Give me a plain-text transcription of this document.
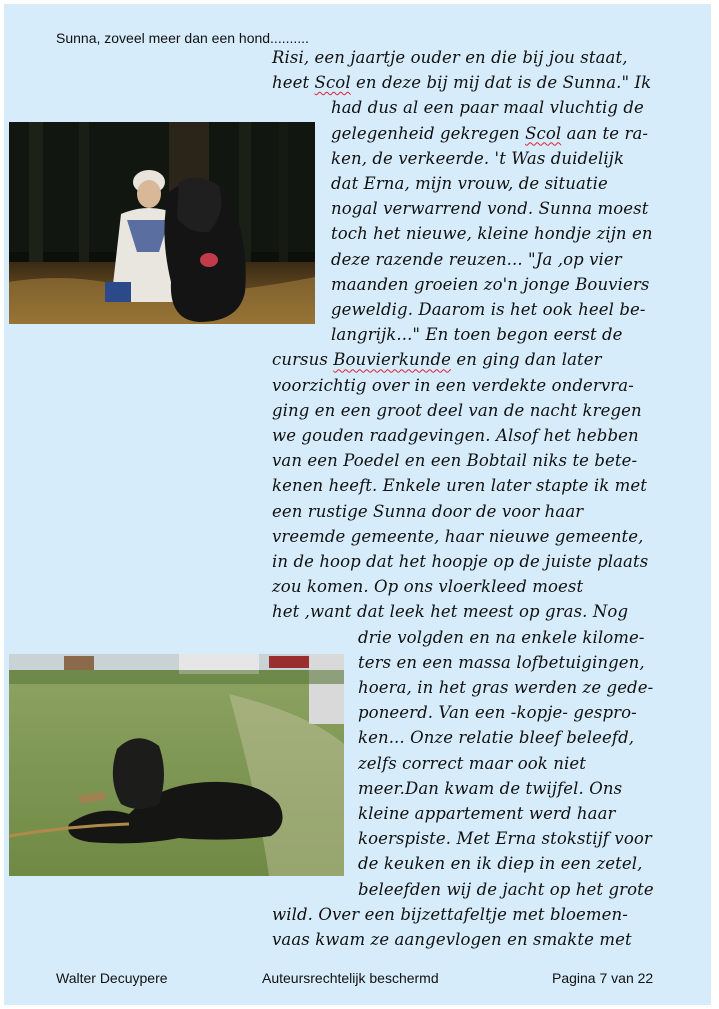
Sunna, zoveel meer dan een hond..........
Risi, een jaartje ouder en die bij jou staat,
heet Scol en deze bij mij dat is de Sunna." Ik
had dus al een paar maal vluchtig de
gelegenheid gekregen Scol aan te ra-
ken, de verkeerde. 't Was duidelijk
dat Erna, mijn vrouw, de situatie
nogal verwarrend vond. Sunna moest
toch het nieuwe, kleine hondje zijn en
deze razende reuzen... "Ja ,op vier
maanden groeien zo'n jonge Bouviers
geweldig. Daarom is het ook heel be-
langrijk..." En toen begon eerst de
cursus Bouvierkunde en ging dan later
voorzichtig over in een verdekte ondervra-
ging en een groot deel van de nacht kregen
we gouden raadgevingen. Alsof het hebben
van een Poedel en een Bobtail niks te bete-
kenen heeft. Enkele uren later stapte ik met
een rustige Sunna door de voor haar
vreemde gemeente, haar nieuwe gemeente,
in de hoop dat het hoopje op de juiste plaats
zou komen. Op ons vloerkleed moest
het ,want dat leek het meest op gras. Nog
drie volgden en na enkele kilome-
ters en een massa lofbetuigingen,
hoera, in het gras werden ze gede-
poneerd. Van een -kopje- gespro-
ken... Onze relatie bleef beleefd,
zelfs correct maar ook niet
meer.Dan kwam de twijfel. Ons
kleine appartement werd haar
koerspiste. Met Erna stokstijf voor
de keuken en ik diep in een zetel,
beleefden wij de jacht op het grote
wild. Over een bijzettafeltje met bloemen-
vaas kwam ze aangevlogen en smakte met
Walter Decuypere	Auteursrechtelijk beschermd	Pagina 7 van 22
